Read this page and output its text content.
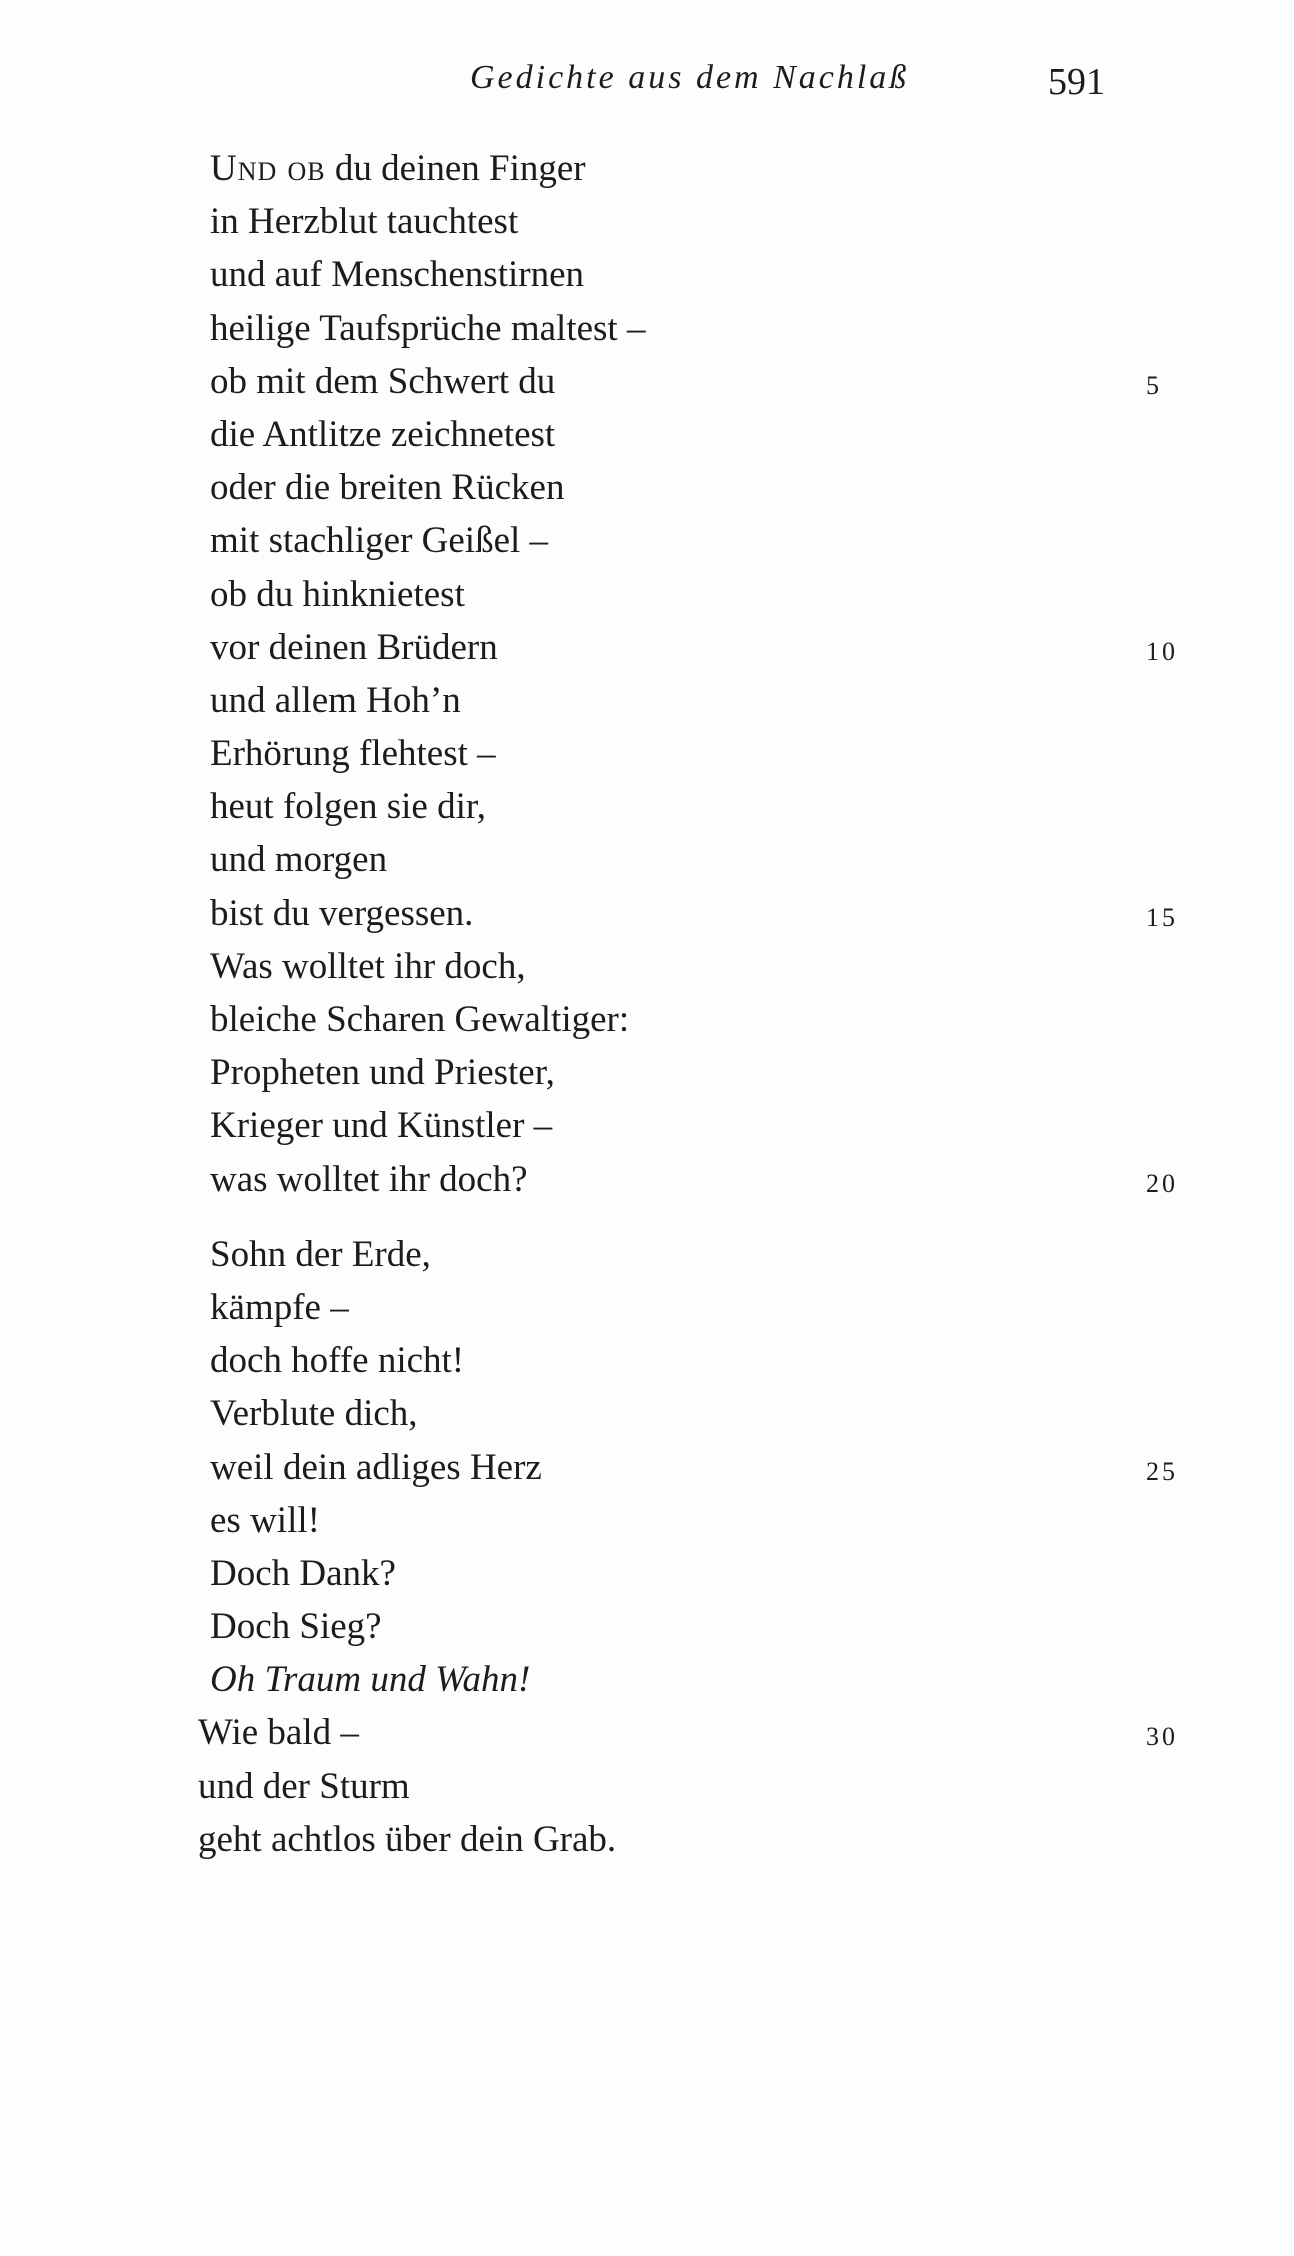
Gedichte aus dem Nachlaß	591
Und ob du deinen Finger
in Herzblut tauchtest
und auf Menschenstirnen
heilige Taufsprüche maltest –
ob mit dem Schwert du	5
die Antlitze zeichnetest
oder die breiten Rücken
mit stachliger Geißel –
ob du hinknietest
vor deinen Brüdern	10
und allem Hoh’n
Erhörung flehtest –
heut folgen sie dir,
und morgen
bist du vergessen.	15
Was wolltet ihr doch,
bleiche Scharen Gewaltiger:
Propheten und Priester,
Krieger und Künstler –
was wolltet ihr doch?	20
Sohn der Erde,
kämpfe –
doch hoffe nicht!
Verblute dich,
weil dein adliges Herz	25
es will!
Doch Dank?
Doch Sieg?
Oh Traum und Wahn!
Wie bald –	30
und der Sturm
geht achtlos über dein Grab.
